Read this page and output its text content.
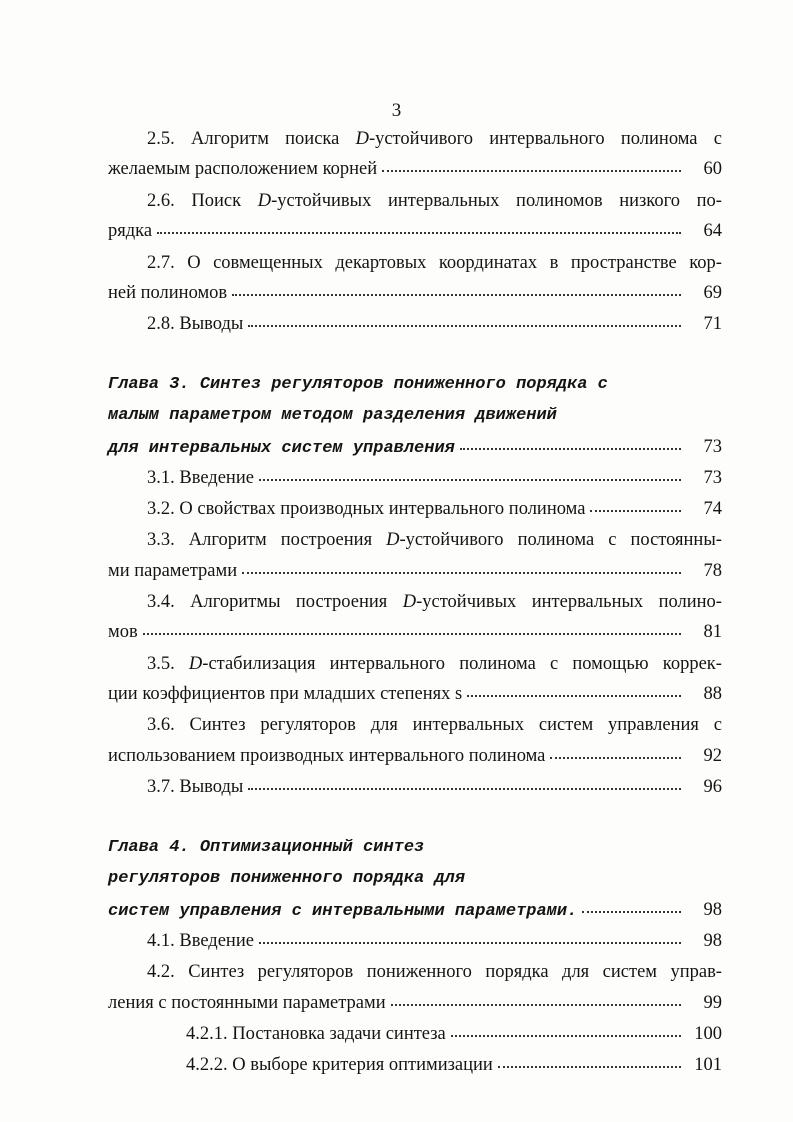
3
2.5. Алгоритм поиска D-устойчивого интервального полинома с
желаемым расположением корней	60
2.6. Поиск D-устойчивых интервальных полиномов низкого по-
рядка	64
2.7. О совмещенных декартовых координатах в пространстве кор-
ней полиномов	69
2.8. Выводы	71
Глава 3. Синтез регуляторов пониженного порядка с
малым параметром методом разделения движений
для интервальных систем управления	73
3.1. Введение	73
3.2. О свойствах производных интервального полинома	74
3.3. Алгоритм построения D-устойчивого полинома с постоянны-
ми параметрами	78
3.4. Алгоритмы построения D-устойчивых интервальных полино-
мов	81
3.5. D-стабилизация интервального полинома с помощью коррек-
ции коэффициентов при младших степенях s	88
3.6. Синтез регуляторов для интервальных систем управления с
использованием производных интервального полинома	92
3.7. Выводы	96
Глава 4. Оптимизационный синтез
регуляторов пониженного порядка для
систем управления с интервальными параметрами.	98
4.1. Введение	98
4.2. Синтез регуляторов пониженного порядка для систем управ-
ления с постоянными параметрами	99
4.2.1. Постановка задачи синтеза	100
4.2.2. О выборе критерия оптимизации	101
